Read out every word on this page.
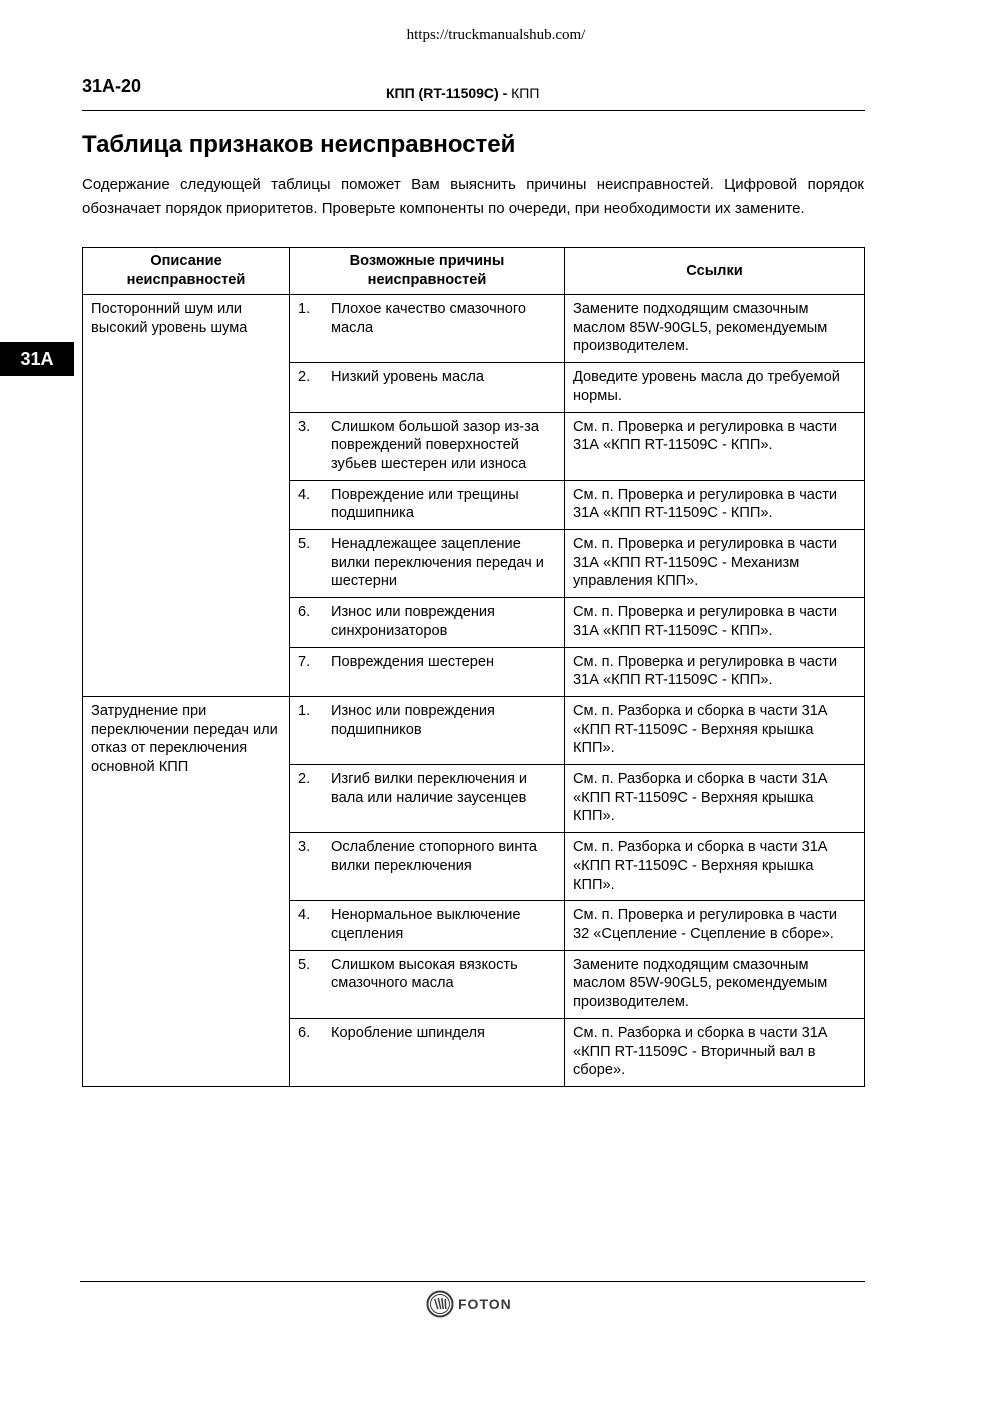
https://truckmanualshub.com/
31A-20	КПП (RT-11509C) - КПП
31A
Таблица признаков неисправностей
Содержание следующей таблицы поможет Вам выяснить причины неисправностей. Цифровой порядок обозначает порядок приоритетов. Проверьте компоненты по очереди, при необходимости их замените.
Описание неисправностей	Возможные причины неисправностей	Ссылки
Посторонний шум или высокий уровень шума	1. Плохое качество смазочного масла	Замените подходящим смазочным маслом 85W-90GL5, рекомендуемым производителем.

	2. Низкий уровень масла	Доведите уровень масла до требуемой нормы.

	3. Слишком большой зазор из-за повреждений поверхностей зубьев шестерен или износа	См. п. Проверка и регулировка в части 31А «КПП RT-11509C - КПП».

	4. Повреждение или трещины подшипника	См. п. Проверка и регулировка в части 31А «КПП RT-11509C - КПП».

	5. Ненадлежащее зацепление вилки переключения передач и шестерни	См. п. Проверка и регулировка в части 31А «КПП RT-11509C - Механизм управления КПП».

	6. Износ или повреждения синхронизаторов	См. п. Проверка и регулировка в части 31А «КПП RT-11509C - КПП».

	7. Повреждения шестерен	См. п. Проверка и регулировка в части 31А «КПП RT-11509C - КПП».
Затруднение при переключении передач или отказ от переключения основной КПП	1. Износ или повреждения подшипников	См. п. Разборка и сборка в части 31А «КПП RT-11509C - Верхняя крышка КПП».

	2. Изгиб вилки переключения и вала или наличие заусенцев	См. п. Разборка и сборка в части 31А «КПП RT-11509C - Верхняя крышка КПП».

	3. Ослабление стопорного винта вилки переключения	См. п. Разборка и сборка в части 31А «КПП RT-11509C - Верхняя крышка КПП».

	4. Ненормальное выключение сцепления	См. п. Проверка и регулировка в части 32 «Сцепление - Сцепление в сборе».

	5. Слишком высокая вязкость смазочного масла	Замените подходящим смазочным маслом 85W-90GL5, рекомендуемым производителем.

	6. Коробление шпинделя	См. п. Разборка и сборка в части 31А «КПП RT-11509C - Вторичный вал в сборе».
FOTON
